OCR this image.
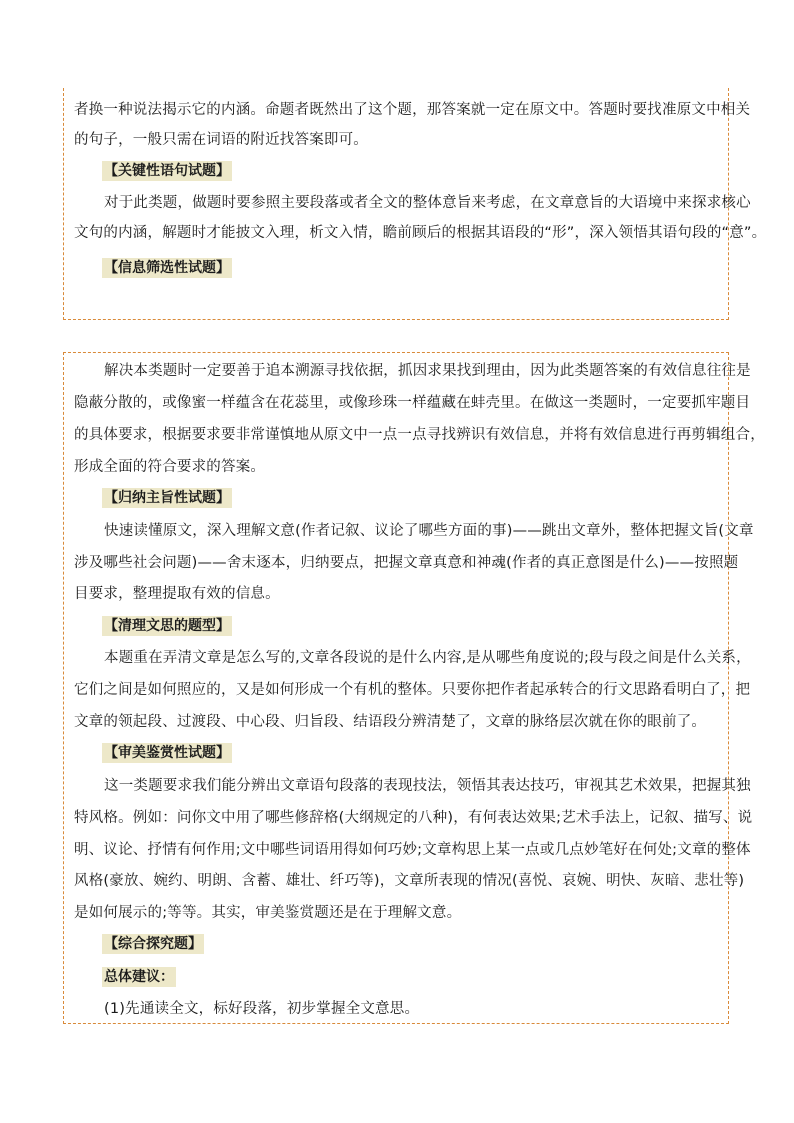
者换一种说法揭示它的内涵。命题者既然出了这个题，那答案就一定在原文中。答题时要找准原文中相关
的句子，一般只需在词语的附近找答案即可。
【关键性语句试题】
对于此类题，做题时要参照主要段落或者全文的整体意旨来考虑，在文章意旨的大语境中来探求核心
文句的内涵，解题时才能披文入理，析文入情，瞻前顾后的根据其语段的“形”，深入领悟其语句段的“意”。
【信息筛选性试题】
解决本类题时一定要善于追本溯源寻找依据，抓因求果找到理由，因为此类题答案的有效信息往往是
隐蔽分散的，或像蜜一样蕴含在花蕊里，或像珍珠一样蕴藏在蚌壳里。在做这一类题时，一定要抓牢题目
的具体要求，根据要求要非常谨慎地从原文中一点一点寻找辨识有效信息，并将有效信息进行再剪辑组合，
形成全面的符合要求的答案。
【归纳主旨性试题】
快速读懂原文，深入理解文意(作者记叙、议论了哪些方面的事)——跳出文章外，整体把握文旨(文章
涉及哪些社会问题)——舍末逐本，归纳要点，把握文章真意和神魂(作者的真正意图是什么)——按照题
目要求，整理提取有效的信息。
【清理文思的题型】
本题重在弄清文章是怎么写的,文章各段说的是什么内容,是从哪些角度说的;段与段之间是什么关系，
它们之间是如何照应的，又是如何形成一个有机的整体。只要你把作者起承转合的行文思路看明白了，把
文章的领起段、过渡段、中心段、归旨段、结语段分辨清楚了，文章的脉络层次就在你的眼前了。
【审美鉴赏性试题】
这一类题要求我们能分辨出文章语句段落的表现技法，领悟其表达技巧，审视其艺术效果，把握其独
特风格。例如：问你文中用了哪些修辞格(大纲规定的八种)，有何表达效果;艺术手法上，记叙、描写、说
明、议论、抒情有何作用;文中哪些词语用得如何巧妙;文章构思上某一点或几点妙笔好在何处;文章的整体
风格(豪放、婉约、明朗、含蓄、雄壮、纤巧等)，文章所表现的情况(喜悦、哀婉、明快、灰暗、悲壮等)
是如何展示的;等等。其实，审美鉴赏题还是在于理解文意。
【综合探究题】
总体建议：
(1)先通读全文，标好段落，初步掌握全文意思。
